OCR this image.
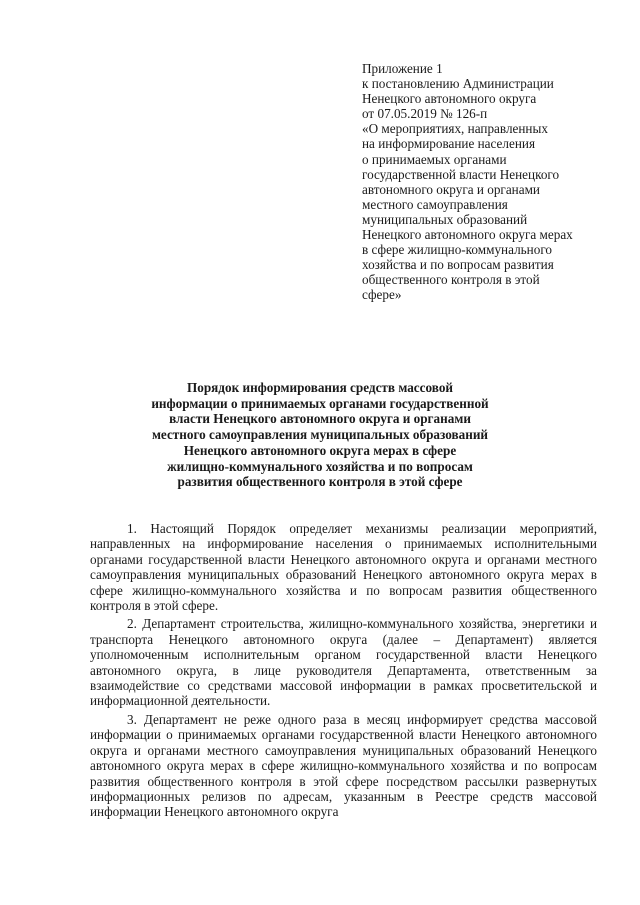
Приложение 1
к постановлению Администрации
Ненецкого автономного округа
от 07.05.2019 № 126-п
«О мероприятиях, направленных
на информирование населения
о принимаемых органами
государственной власти Ненецкого
автономного округа и органами
местного самоуправления
муниципальных образований
Ненецкого автономного округа мерах
в сфере жилищно-коммунального
хозяйства и по вопросам развития
общественного контроля в этой
сфере»
Порядок информирования средств массовой
информации о принимаемых органами государственной
власти Ненецкого автономного округа и органами
местного самоуправления муниципальных образований
Ненецкого автономного округа мерах в сфере
жилищно-коммунального хозяйства и по вопросам
развития общественного контроля в этой сфере

1. Настоящий Порядок определяет механизмы реализации мероприятий, направленных на информирование населения о принимаемых исполнительными органами государственной власти Ненецкого автономного округа и органами местного самоуправления муниципальных образований Ненецкого автономного округа мерах в сфере жилищно-коммунального хозяйства и по вопросам развития общественного контроля в этой сфере.

2. Департамент строительства, жилищно-коммунального хозяйства, энергетики и транспорта Ненецкого автономного округа (далее – Департамент) является уполномоченным исполнительным органом государственной власти Ненецкого автономного округа, в лице руководителя Департамента, ответственным за взаимодействие со средствами массовой информации в рамках просветительской и информационной деятельности.

3. Департамент не реже одного раза в месяц информирует средства массовой информации о принимаемых органами государственной власти Ненецкого автономного округа и органами местного самоуправления муниципальных образований Ненецкого автономного округа мерах в сфере жилищно-коммунального хозяйства и по вопросам развития общественного контроля в этой сфере посредством рассылки развернутых информационных релизов по адресам, указанным в Реестре средств массовой информации Ненецкого автономного округа
